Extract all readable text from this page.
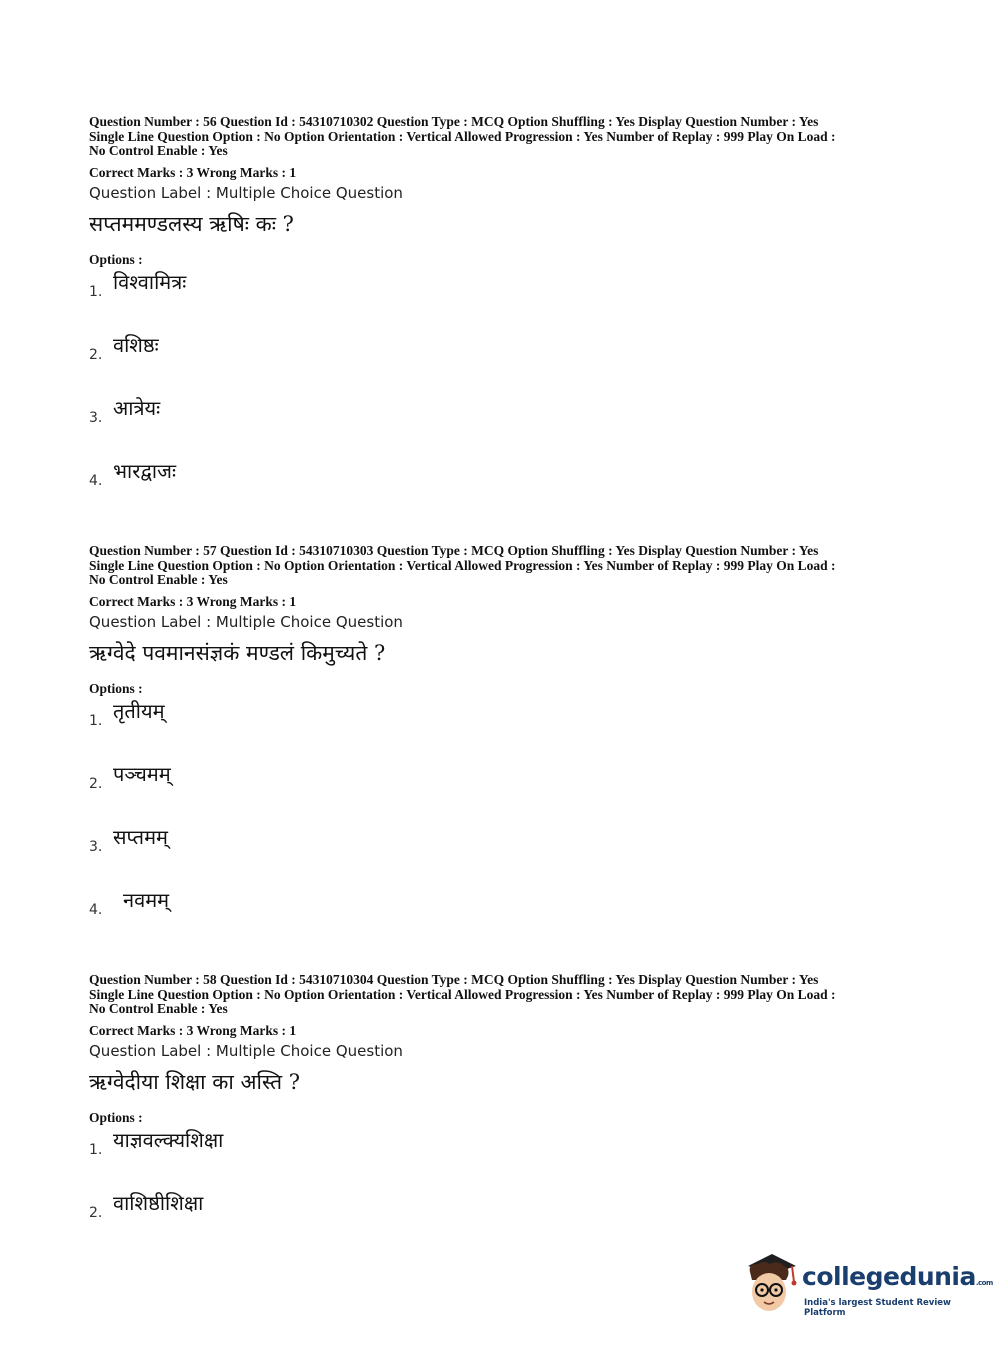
Question Number : 56 Question Id : 54310710302 Question Type : MCQ Option Shuffling : Yes Display Question Number : Yes
Single Line Question Option : No Option Orientation : Vertical Allowed Progression : Yes Number of Replay : 999 Play On Load :
No Control Enable : Yes
Correct Marks : 3 Wrong Marks : 1
Question Label : Multiple Choice Question
सप्तममण्डलस्य ऋषिः कः ?
Options :
1. विश्वामित्रः
2. वशिष्ठः
3. आत्रेयः
4. भारद्वाजः
Question Number : 57 Question Id : 54310710303 Question Type : MCQ Option Shuffling : Yes Display Question Number : Yes
Single Line Question Option : No Option Orientation : Vertical Allowed Progression : Yes Number of Replay : 999 Play On Load :
No Control Enable : Yes
Correct Marks : 3 Wrong Marks : 1
Question Label : Multiple Choice Question
ऋग्वेदे पवमानसंज्ञकं मण्डलं किमुच्यते ?
Options :
1. तृतीयम्
2. पञ्चमम्
3. सप्तमम्
4. नवमम्
Question Number : 58 Question Id : 54310710304 Question Type : MCQ Option Shuffling : Yes Display Question Number : Yes
Single Line Question Option : No Option Orientation : Vertical Allowed Progression : Yes Number of Replay : 999 Play On Load :
No Control Enable : Yes
Correct Marks : 3 Wrong Marks : 1
Question Label : Multiple Choice Question
ऋग्वेदीया शिक्षा का अस्ति ?
Options :
1. याज्ञवल्क्यशिक्षा
2. वाशिष्ठीशिक्षा
collegedunia.com
India's largest Student Review Platform
